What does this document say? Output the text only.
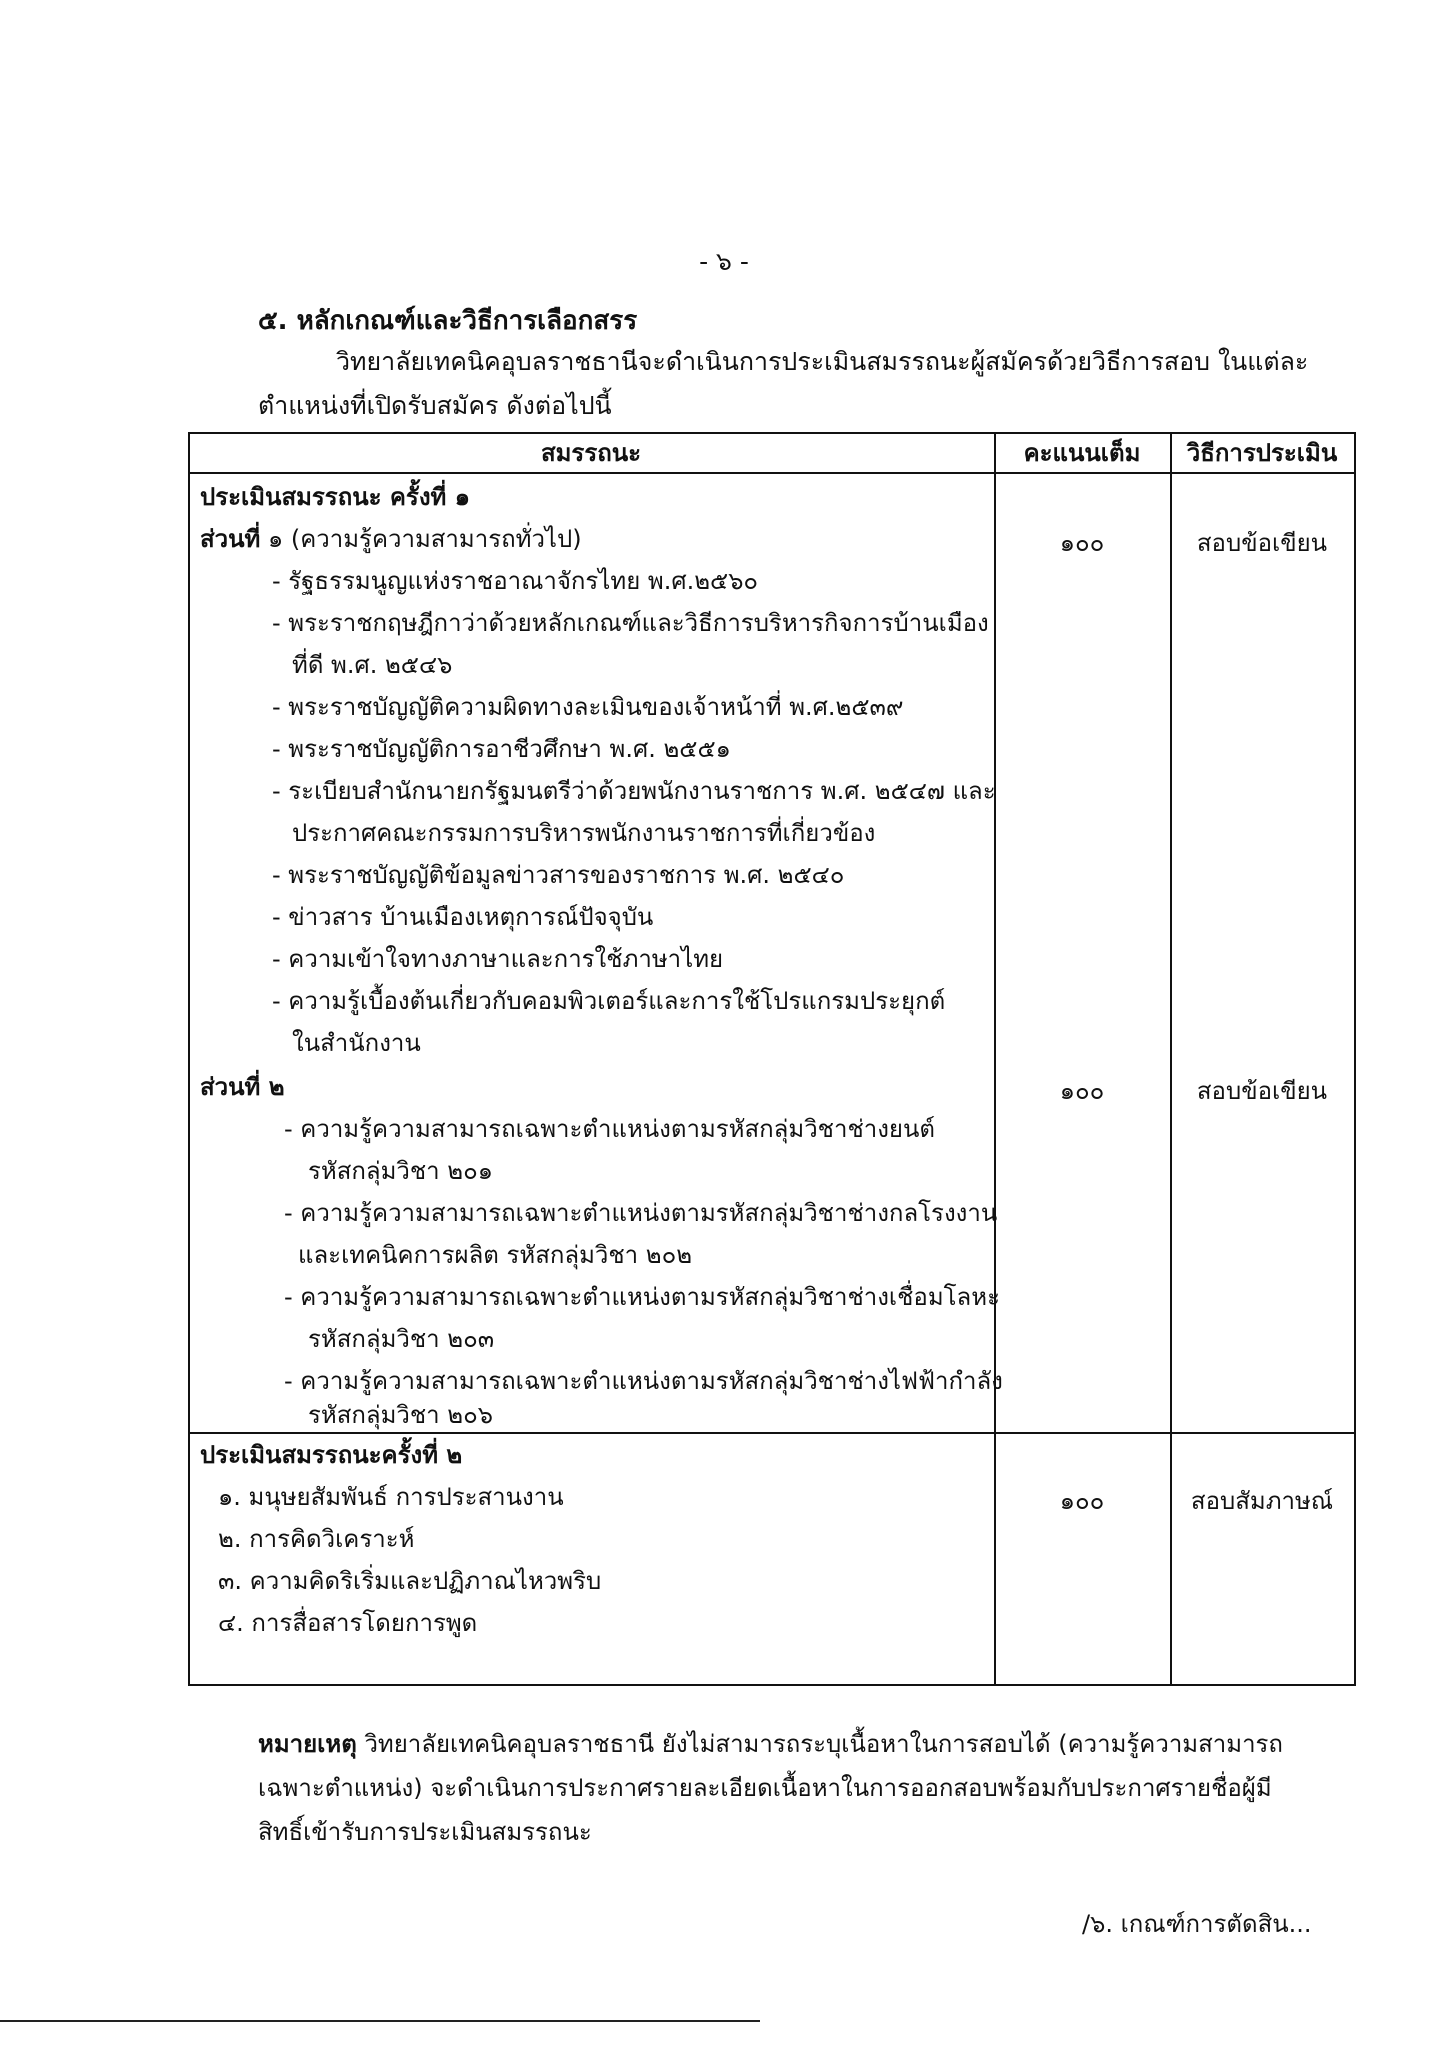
- ๖ -
๕. หลักเกณฑ์และวิธีการเลือกสรร
วิทยาลัยเทคนิคอุบลราชธานีจะดำเนินการประเมินสมรรถนะผู้สมัครด้วยวิธีการสอบ ในแต่ละ
ตำแหน่งที่เปิดรับสมัคร ดังต่อไปนี้
สมรรถนะ	คะแนนเต็ม	วิธีการประเมิน
ประเมินสมรรถนะ ครั้งที่ ๑
ส่วนที่ ๑ (ความรู้ความสามารถทั่วไป)	๑๐๐	สอบข้อเขียน
- รัฐธรรมนูญแห่งราชอาณาจักรไทย พ.ศ.๒๕๖๐
- พระราชกฤษฎีกาว่าด้วยหลักเกณฑ์และวิธีการบริหารกิจการบ้านเมือง
ที่ดี พ.ศ. ๒๕๔๖
- พระราชบัญญัติความผิดทางละเมินของเจ้าหน้าที่ พ.ศ.๒๕๓๙
- พระราชบัญญัติการอาชีวศึกษา พ.ศ. ๒๕๕๑
- ระเบียบสำนักนายกรัฐมนตรีว่าด้วยพนักงานราชการ พ.ศ. ๒๕๔๗ และ
ประกาศคณะกรรมการบริหารพนักงานราชการที่เกี่ยวข้อง
- พระราชบัญญัติข้อมูลข่าวสารของราชการ พ.ศ. ๒๕๔๐
- ข่าวสาร บ้านเมืองเหตุการณ์ปัจจุบัน
- ความเข้าใจทางภาษาและการใช้ภาษาไทย
- ความรู้เบื้องต้นเกี่ยวกับคอมพิวเตอร์และการใช้โปรแกรมประยุกต์
ในสำนักงาน
ส่วนที่ ๒	๑๐๐	สอบข้อเขียน
- ความรู้ความสามารถเฉพาะตำแหน่งตามรหัสกลุ่มวิชาช่างยนต์
รหัสกลุ่มวิชา ๒๐๑
- ความรู้ความสามารถเฉพาะตำแหน่งตามรหัสกลุ่มวิชาช่างกลโรงงาน
และเทคนิคการผลิต รหัสกลุ่มวิชา ๒๐๒
- ความรู้ความสามารถเฉพาะตำแหน่งตามรหัสกลุ่มวิชาช่างเชื่อมโลหะ
รหัสกลุ่มวิชา ๒๐๓
- ความรู้ความสามารถเฉพาะตำแหน่งตามรหัสกลุ่มวิชาช่างไฟฟ้ากำลัง
รหัสกลุ่มวิชา ๒๐๖
ประเมินสมรรถนะครั้งที่ ๒
๑๐๐	สอบสัมภาษณ์
๑. มนุษยสัมพันธ์ การประสานงาน
๒. การคิดวิเคราะห์
๓. ความคิดริเริ่มและปฏิภาณไหวพริบ
๔. การสื่อสารโดยการพูด
หมายเหตุ วิทยาลัยเทคนิคอุบลราชธานี ยังไม่สามารถระบุเนื้อหาในการสอบได้ (ความรู้ความสามารถ
เฉพาะตำแหน่ง) จะดำเนินการประกาศรายละเอียดเนื้อหาในการออกสอบพร้อมกับประกาศรายชื่อผู้มี
สิทธิ์เข้ารับการประเมินสมรรถนะ
/๖. เกณฑ์การตัดสิน...
